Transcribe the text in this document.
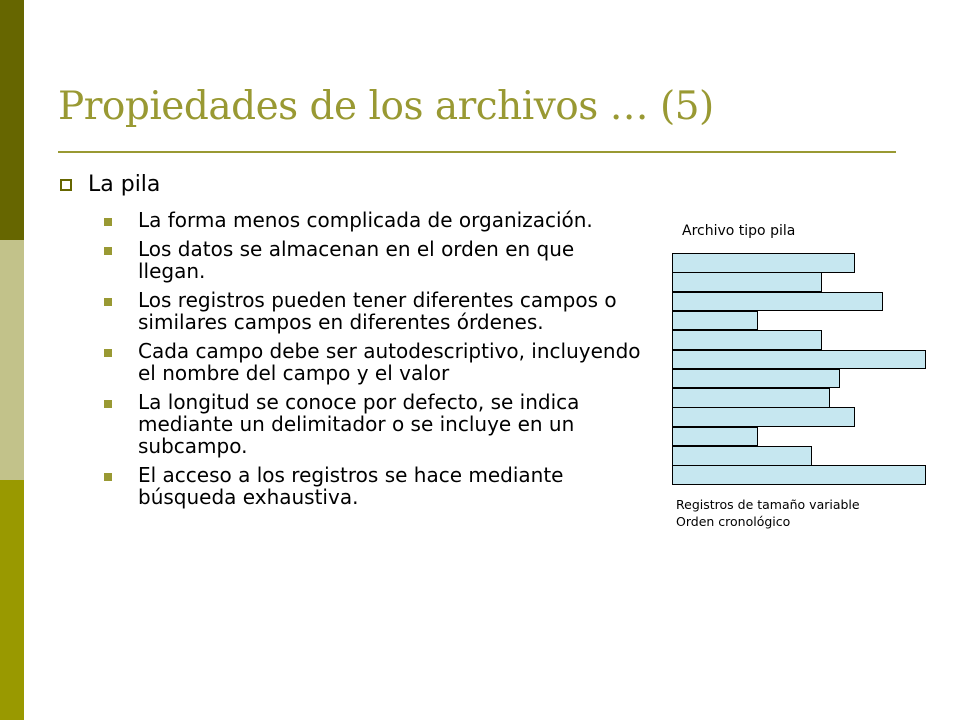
Propiedades de los archivos … (5)
La pila
La forma menos complicada de organización.
Los datos se almacenan en el orden en que llegan.
Los registros pueden tener diferentes campos o similares campos en diferentes órdenes.
Cada campo debe ser autodescriptivo, incluyendo el nombre del campo y el valor
La longitud se conoce por defecto, se indica mediante un delimitador o se incluye en un subcampo.
El acceso a los registros se hace mediante búsqueda exhaustiva.
Archivo tipo pila
Registros de tamaño variable
Orden cronológico
